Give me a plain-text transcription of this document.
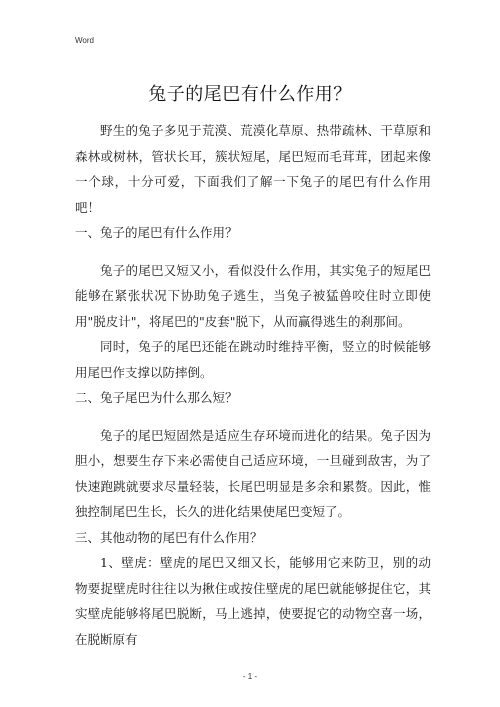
Word
兔子的尾巴有什么作用？

野生的兔子多见于荒漠、荒漠化草原、热带疏林、干草原和森林或树林，管状长耳，簇状短尾，尾巴短而毛茸茸，团起来像一个球，十分可爱，下面我们了解一下兔子的尾巴有什么作用吧！

一、兔子的尾巴有什么作用？

兔子的尾巴又短又小，看似没什么作用，其实兔子的短尾巴能够在紧张状况下协助兔子逃生，当兔子被猛兽咬住时立即使用"脱皮计"，将尾巴的"皮套"脱下，从而赢得逃生的刹那间。

同时，兔子的尾巴还能在跳动时维持平衡，竖立的时候能够用尾巴作支撑以防摔倒。

二、兔子尾巴为什么那么短？

兔子的尾巴短固然是适应生存环境而进化的结果。兔子因为胆小，想要生存下来必需使自己适应环境，一旦碰到敌害，为了快速跑跳就要求尽量轻装，长尾巴明显是多余和累赘。因此，惟独控制尾巴生长，长久的进化结果使尾巴变短了。

三、其他动物的尾巴有什么作用？

1、壁虎：壁虎的尾巴又细又长，能够用它来防卫，别的动物要捉壁虎时往往以为揪住或按住壁虎的尾巴就能够捉住它，其实壁虎能够将尾巴脱断，马上逃掉，使要捉它的动物空喜一场，在脱断原有

- 1 -
